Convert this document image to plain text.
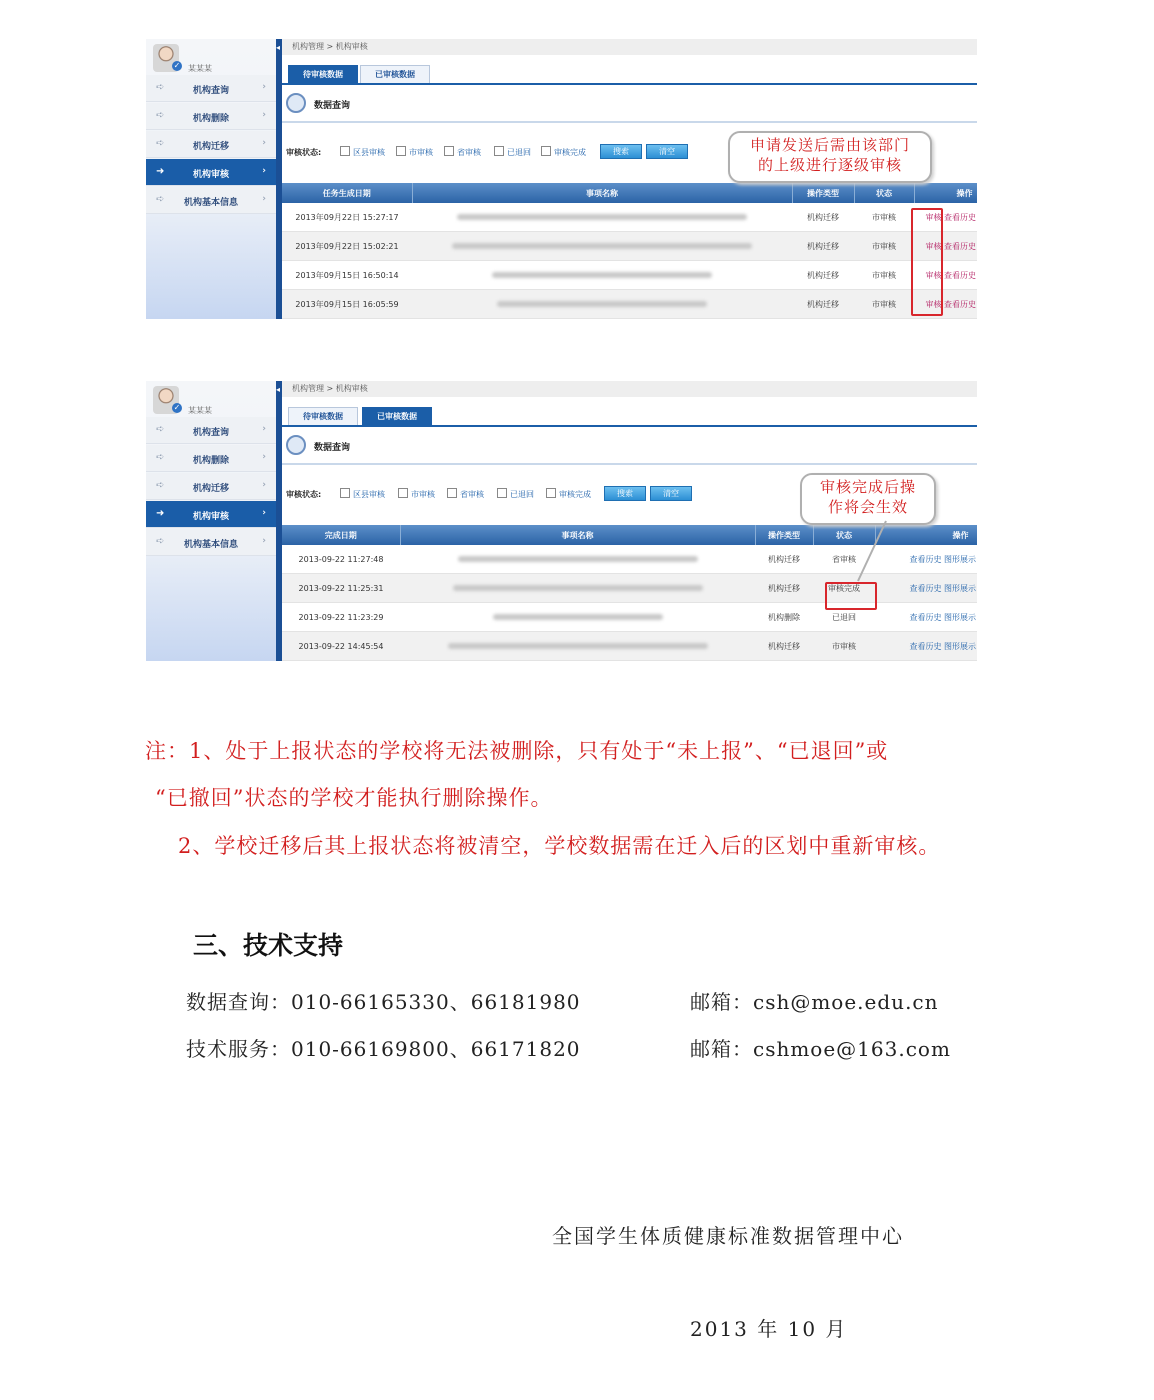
✓ 某某某
➪	机构查询	›
➪	机构删除	›
➪	机构迁移	›
➜	机构审核	›
➪	机构基本信息	›
◂	机构管理 > 机构审核
待审核数据	已审核数据
数据查询
审核状态:	区县审核	市审核	省审核	已退回	审核完成	搜索	清空
任务生成日期	事项名称	操作类型	状态	操作
2013年09月22日 15:27:17		机构迁移	市审核	审核 查看历史
2013年09月22日 15:02:21		机构迁移	市审核	审核 查看历史
2013年09月15日 16:50:14		机构迁移	市审核	审核 查看历史
2013年09月15日 16:05:59		机构迁移	市审核	审核 查看历史
申请发送后需由该部门
的上级进行逐级审核
✓ 某某某
➪	机构查询	›
➪	机构删除	›
➪	机构迁移	›
➜	机构审核	›
➪	机构基本信息	›
◂	机构管理 > 机构审核
待审核数据	已审核数据
数据查询
审核状态:	区县审核	市审核	省审核	已退回	审核完成	搜索	清空
完成日期	事项名称	操作类型	状态	操作
2013-09-22 11:27:48		机构迁移	省审核	查看历史 图形展示
2013-09-22 11:25:31		机构迁移	审核完成	查看历史 图形展示
2013-09-22 11:23:29		机构删除	已退回	查看历史 图形展示
2013-09-22 14:45:54		机构迁移	市审核	查看历史 图形展示
审核完成后操
作将会生效
注：1、处于上报状态的学校将无法被删除，只有处于“未上报”、“已退回”或
“已撤回”状态的学校才能执行删除操作。
2、学校迁移后其上报状态将被清空，学校数据需在迁入后的区划中重新审核。
三、技术支持
数据查询：010-66165330、66181980	邮箱：csh@moe.edu.cn
技术服务：010-66169800、66171820	邮箱：cshmoe@163.com
全国学生体质健康标准数据管理中心
2013 年 10 月
